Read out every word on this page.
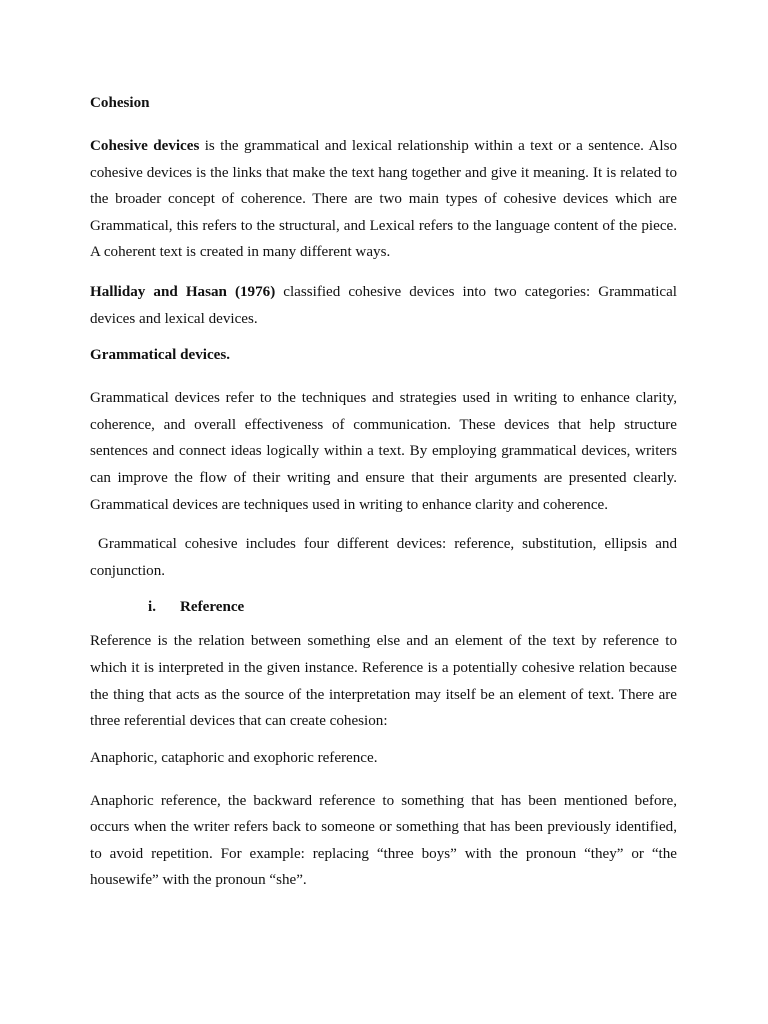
Cohesion

Cohesive devices is the grammatical and lexical relationship within a text or a sentence. Also cohesive devices is the links that make the text hang together and give it meaning. It is related to the broader concept of coherence. There are two main types of cohesive devices which are Grammatical, this refers to the structural, and Lexical refers to the language content of the piece. A coherent text is created in many different ways.

Halliday and Hasan (1976) classified cohesive devices into two categories: Grammatical devices and lexical devices.

Grammatical devices.

Grammatical devices refer to the techniques and strategies used in writing to enhance clarity, coherence, and overall effectiveness of communication. These devices that help structure sentences and connect ideas logically within a text. By employing grammatical devices, writers can improve the flow of their writing and ensure that their arguments are presented clearly. Grammatical devices are techniques used in writing to enhance clarity and coherence.

Grammatical cohesive includes four different devices: reference, substitution, ellipsis and conjunction.

i. Reference

Reference is the relation between something else and an element of the text by reference to which it is interpreted in the given instance. Reference is a potentially cohesive relation because the thing that acts as the source of the interpretation may itself be an element of text. There are three referential devices that can create cohesion:

Anaphoric, cataphoric and exophoric reference.

Anaphoric reference, the backward reference to something that has been mentioned before, occurs when the writer refers back to someone or something that has been previously identified, to avoid repetition. For example: replacing “three boys” with the pronoun “they” or “the housewife” with the pronoun “she”.
